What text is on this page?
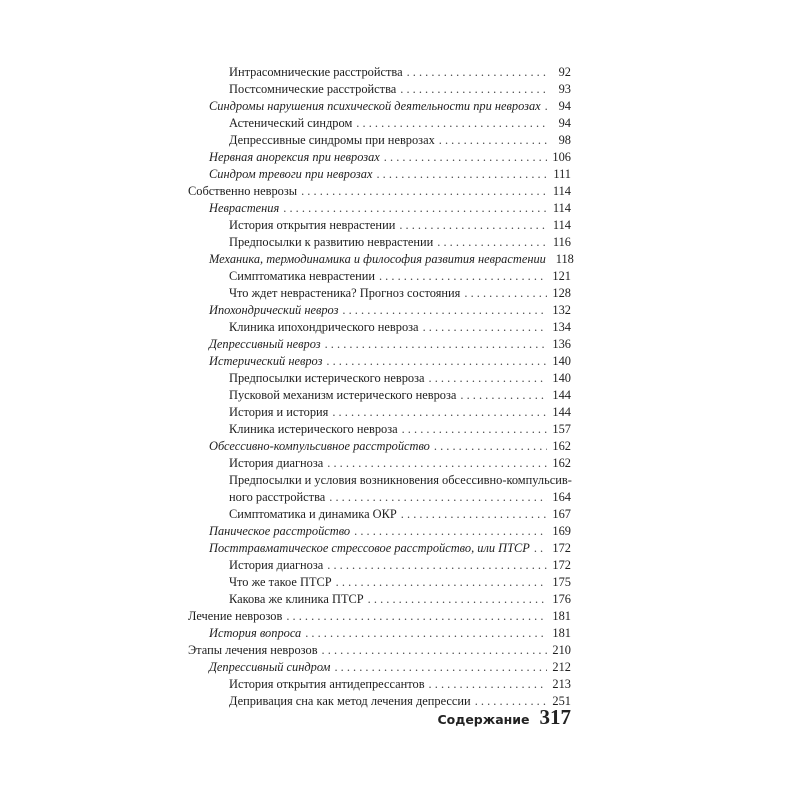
Интрасомнические расстройства . . .	92
Постсомнические расстройства . . .	93
Синдромы нарушения психической деятельности при неврозах . . .	94
Астенический синдром . . .	94
Депрессивные синдромы при неврозах . . .	98
Нервная анорексия при неврозах . . .	106
Синдром тревоги при неврозах . . .	111
Собственно неврозы . . .	114
Неврастения . . .	114
История открытия неврастении . . .	114
Предпосылки к развитию неврастении . . .	116
Механика, термодинамика и философия развития неврастении 118
Симптоматика неврастении . . .	121
Что ждет неврастеника? Прогноз состояния . . .	128
Ипохондрический невроз . . .	132
Клиника ипохондрического невроза . . .	134
Депрессивный невроз . . .	136
Истерический невроз . . .	140
Предпосылки истерического невроза . . .	140
Пусковой механизм истерического невроза . . .	144
История и история . . .	144
Клиника истерического невроза . . .	157
Обсессивно-компульсивное расстройство . . .	162
История диагноза . . .	162
Предпосылки и условия возникновения обсессивно-компульсив-
ного расстройства . . .	164
Симптоматика и динамика ОКР . . .	167
Паническое расстройство . . .	169
Посттравматическое стрессовое расстройство, или ПТСР . . . 172
История диагноза . . .	172
Что же такое ПТСР . . .	175
Какова же клиника ПТСР . . .	176
Лечение неврозов . . .	181
История вопроса . . .	181
Этапы лечения неврозов . . .	210
Депрессивный синдром . . .	212
История открытия антидепрессантов . . .	213
Депривация сна как метод лечения депрессии . . .	251
Содержание 317
